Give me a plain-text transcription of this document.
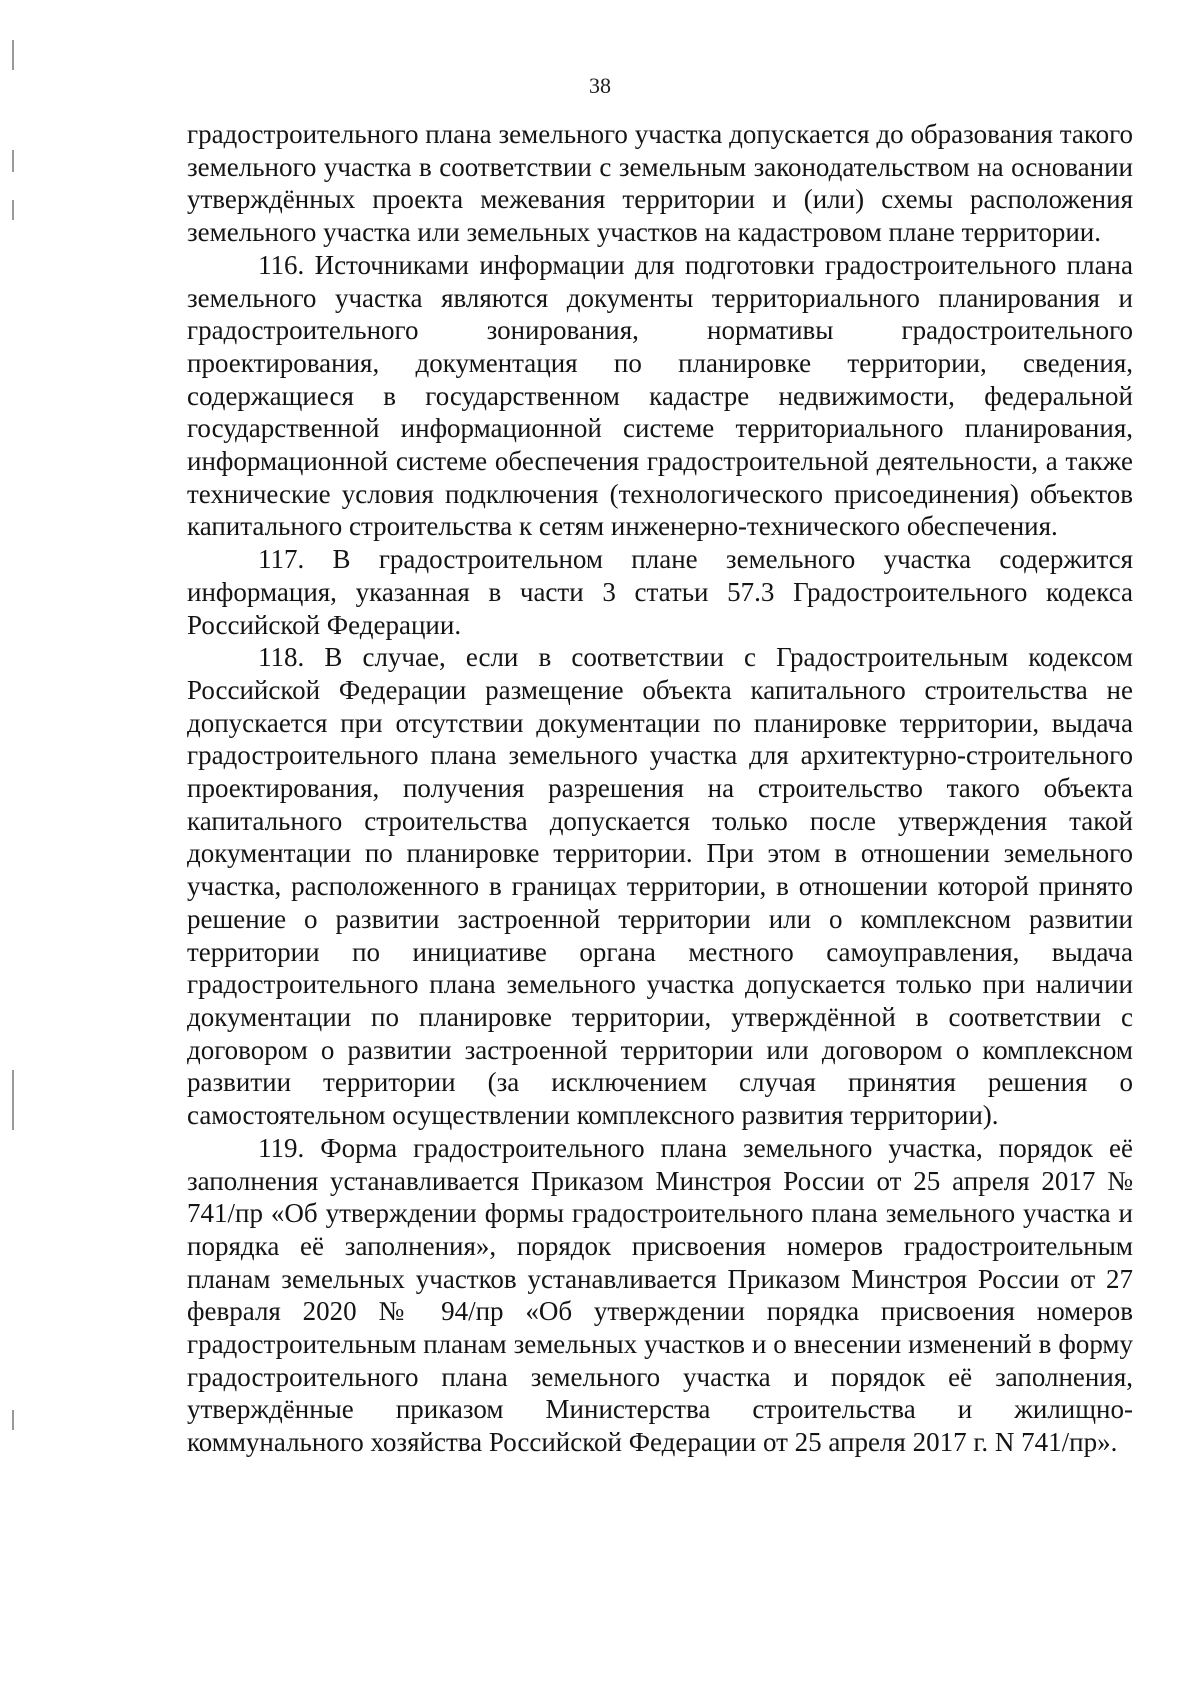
38

градостроительного плана земельного участка допускается до образования такого земельного участка в соответствии с земельным законодательством на основании утверждённых проекта межевания территории и (или) схемы расположения земельного участка или земельных участков на кадастровом плане территории.

116. Источниками информации для подготовки градостроительного плана земельного участка являются документы территориального планирования и градостроительного зонирования, нормативы градостроительного проектирования, документация по планировке территории, сведения, содержащиеся в государственном кадастре недвижимости, федеральной государственной информационной системе территориального планирования, информационной системе обеспечения градостроительной деятельности, а также технические условия подключения (технологического присоединения) объектов капитального строительства к сетям инженерно-технического обеспечения.

117. В градостроительном плане земельного участка содержится информация, указанная в части 3 статьи 57.3 Градостроительного кодекса Российской Федерации.

118. В случае, если в соответствии с Градостроительным кодексом Российской Федерации размещение объекта капитального строительства не допускается при отсутствии документации по планировке территории, выдача градостроительного плана земельного участка для архитектурно-строительного проектирования, получения разрешения на строительство такого объекта капитального строительства допускается только после утверждения такой документации по планировке территории. При этом в отношении земельного участка, расположенного в границах территории, в отношении которой принято решение о развитии застроенной территории или о комплексном развитии территории по инициативе органа местного самоуправления, выдача градостроительного плана земельного участка допускается только при наличии документации по планировке территории, утверждённой в соответствии с договором о развитии застроенной территории или договором о комплексном развитии территории (за исключением случая принятия решения о самостоятельном осуществлении комплексного развития территории).

119. Форма градостроительного плана земельного участка, порядок её заполнения устанавливается Приказом Минстроя России от 25 апреля 2017 № 741/пр «Об утверждении формы градостроительного плана земельного участка и порядка её заполнения», порядок присвоения номеров градостроительным планам земельных участков устанавливается Приказом Минстроя России от 27 февраля 2020 № 94/пр «Об утверждении порядка присвоения номеров градостроительным планам земельных участков и о внесении изменений в форму градостроительного плана земельного участка и порядок её заполнения, утверждённые приказом Министерства строительства и жилищно-коммунального хозяйства Российской Федерации от 25 апреля 2017 г. N 741/пр».
